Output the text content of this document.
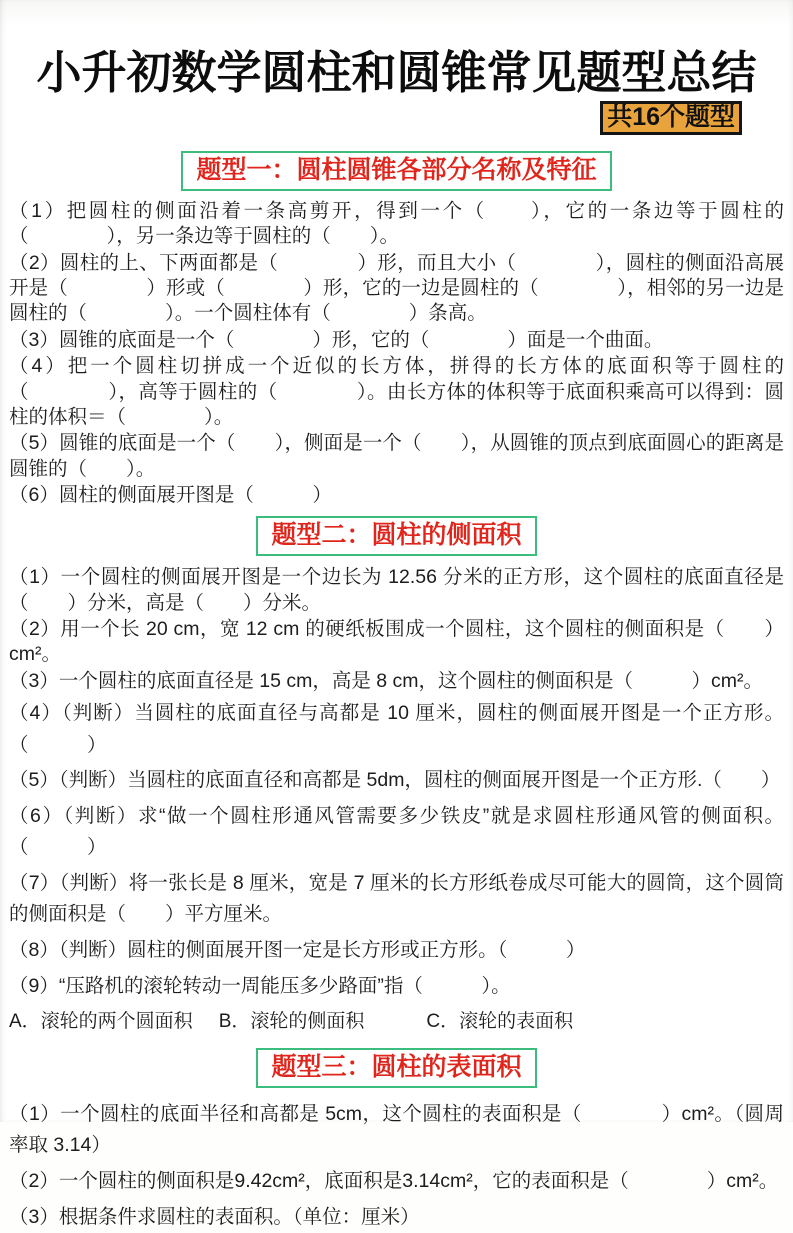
小升初数学圆柱和圆锥常见题型总结
共16个题型
题型一：圆柱圆锥各部分名称及特征

（1）把圆柱的侧面沿着一条高剪开，得到一个（　　），它的一条边等于圆柱的（　　　　），另一条边等于圆柱的（　　）。

（2）圆柱的上、下两面都是（　　　　）形，而且大小（　　　　），圆柱的侧面沿高展开是（　　　　）形或（　　　　）形，它的一边是圆柱的（　　　　），相邻的另一边是圆柱的（　　　　）。一个圆柱体有（　　　　）条高。

（3）圆锥的底面是一个（　　　　）形，它的（　　　　）面是一个曲面。

（4）把一个圆柱切拼成一个近似的长方体，拼得的长方体的底面积等于圆柱的（　　　　），高等于圆柱的（　　　　）。由长方体的体积等于底面积乘高可以得到：圆柱的体积＝（　　　　）。

（5）圆锥的底面是一个（　　），侧面是一个（　　），从圆锥的顶点到底面圆心的距离是圆锥的（　　）。

（6）圆柱的侧面展开图是（　　　）

题型二：圆柱的侧面积

（1）一个圆柱的侧面展开图是一个边长为 12.56 分米的正方形，这个圆柱的底面直径是（　　）分米，高是（　　）分米。

（2）用一个长 20 cm，宽 12 cm 的硬纸板围成一个圆柱，这个圆柱的侧面积是（　　）cm²。

（3）一个圆柱的底面直径是 15 cm，高是 8 cm，这个圆柱的侧面积是（　　　）cm²。

（4）（判断）当圆柱的底面直径与高都是 10 厘米，圆柱的侧面展开图是一个正方形。（　　　）

（5）（判断）当圆柱的底面直径和高都是 5dm，圆柱的侧面展开图是一个正方形.（　　）

（6）（判断）求“做一个圆柱形通风管需要多少铁皮”就是求圆柱形通风管的侧面积。（　　　）

（7）（判断）将一张长是 8 厘米，宽是 7 厘米的长方形纸卷成尽可能大的圆筒，这个圆筒的侧面积是（　　）平方厘米。

（8）（判断）圆柱的侧面展开图一定是长方形或正方形。（　　　）

（9）“压路机的滚轮转动一周能压多少路面”指（　　　）。

A．滚轮的两个圆面积 B．滚轮的侧面积	C．滚轮的表面积
题型三：圆柱的表面积

（1）一个圆柱的底面半径和高都是 5cm，这个圆柱的表面积是（　　　　）cm²。（圆周率取 3.14）

（2）一个圆柱的侧面积是9.42cm²，底面积是3.14cm²，它的表面积是（　　　　）cm²。

（3）根据条件求圆柱的表面积。（单位：厘米）
